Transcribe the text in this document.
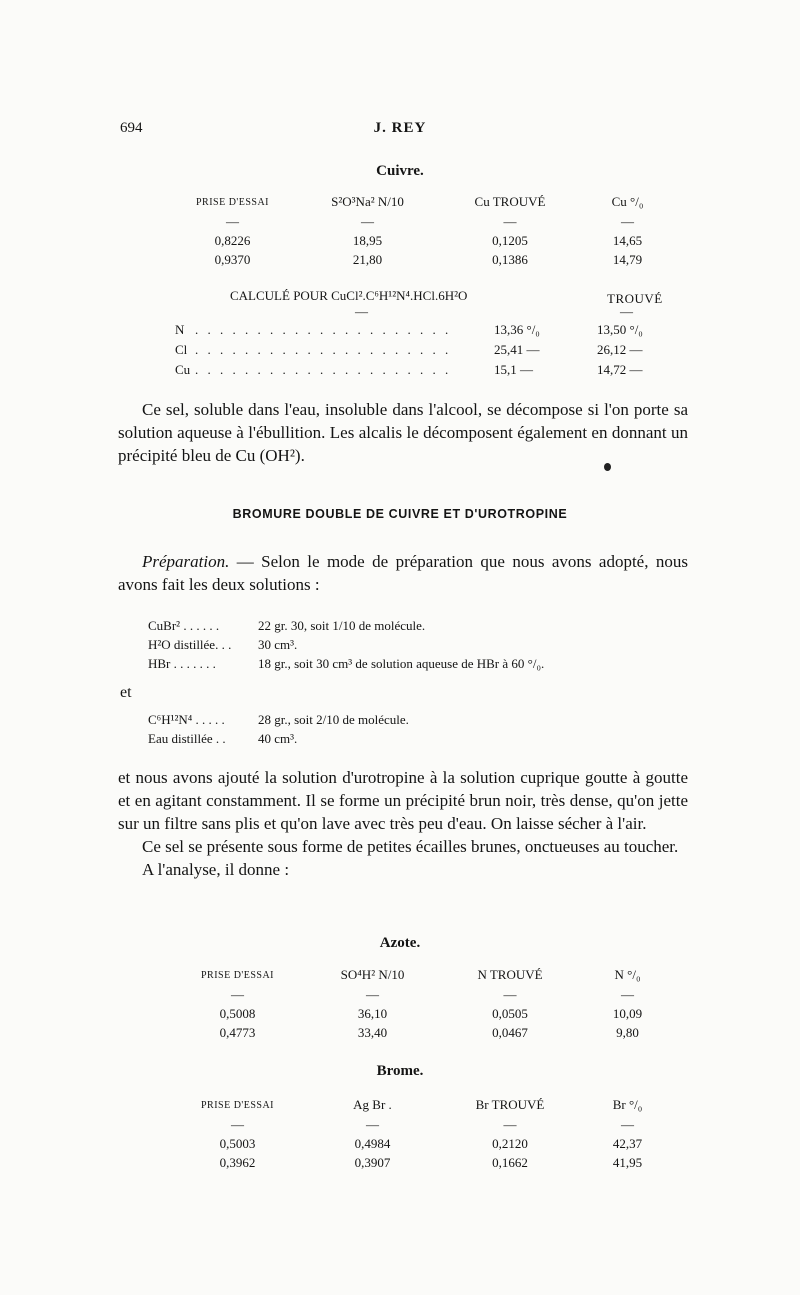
694	J. REY
Cuivre.
PRISE D'ESSAI	S²O³Na² N/10	Cu TROUVÉ	Cu °/₀
—	—	—	—
0,8226	18,95	0,1205	14,65
0,9370	21,80	0,1386	14,79
CALCULÉ POUR CuCl².C⁶H¹²N⁴.HCl.6H²O	TROUVÉ
—	—
N . . . . . . . . . . . . . . . . . . . . .	13,36 °/₀	13,50 °/₀
Cl . . . . . . . . . . . . . . . . . . . . .	25,41 —	26,12 —
Cu . . . . . . . . . . . . . . . . . . . . .	15,1 —	14,72 —

Ce sel, soluble dans l'eau, insoluble dans l'alcool, se décompose si l'on porte sa solution aqueuse à l'ébullition. Les alcalis le décomposent également en donnant un précipité bleu de Cu (OH²).

BROMURE DOUBLE DE CUIVRE ET D'UROTROPINE

Préparation. — Selon le mode de préparation que nous avons adopté, nous avons fait les deux solutions :

CuBr² . . . . . .	22 gr. 30, soit 1/10 de molécule.
H²O distillée. . . 30 cm³.
HBr . . . . . . .	18 gr., soit 30 cm³ de solution aqueuse de HBr à 60 °/₀.
et
C⁶H¹²N⁴ . . . . .	28 gr., soit 2/10 de molécule.
Eau distillée . . 40 cm³.

et nous avons ajouté la solution d'urotropine à la solution cuprique goutte à goutte et en agitant constamment. Il se forme un précipité brun noir, très dense, qu'on jette sur un filtre sans plis et qu'on lave avec très peu d'eau. On laisse sécher à l'air.

Ce sel se présente sous forme de petites écailles brunes, onctueuses au toucher.

A l'analyse, il donne :

Azote.
PRISE D'ESSAI	SO⁴H² N/10	N TROUVÉ	N °/₀
—	—	—	—
0,5008	36,10	0,0505	10,09
0,4773	33,40	0,0467	9,80
Brome.
PRISE D'ESSAI	Ag Br .	Br TROUVÉ	Br °/₀
—	—	—	—
0,5003	0,4984	0,2120	42,37
0,3962	0,3907	0,1662	41,95
